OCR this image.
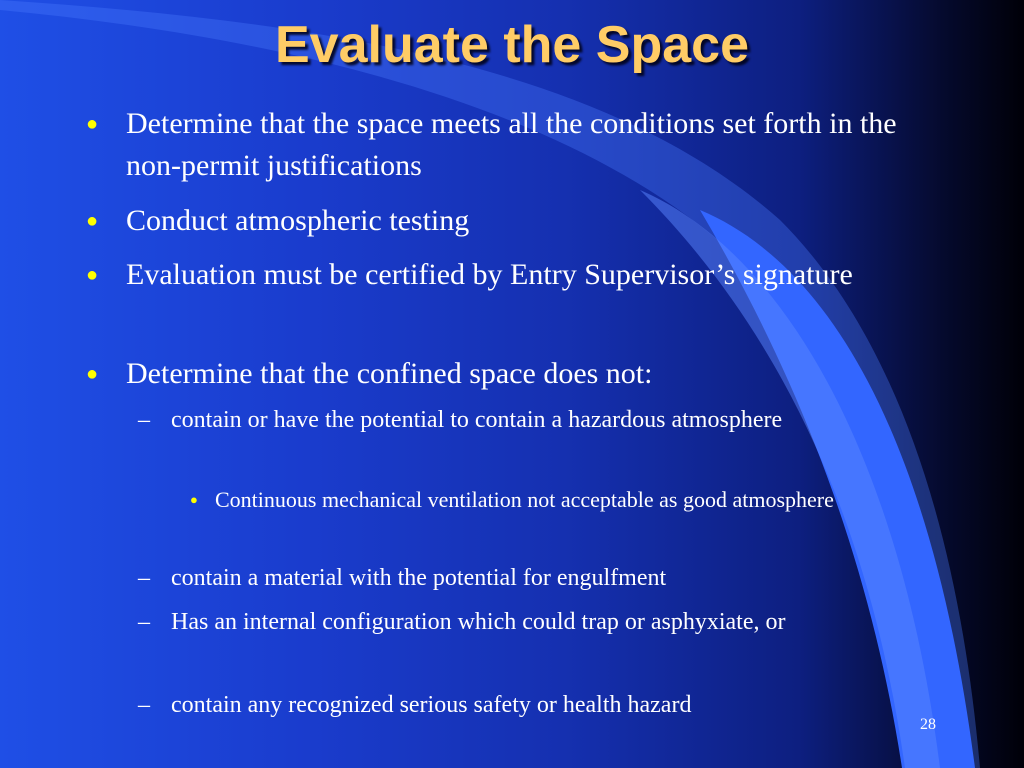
Evaluate the Space
● Determine that the space meets all the conditions set forth in the non-permit justifications
● Conduct atmospheric testing
● Evaluation must be certified by Entry Supervisor’s signature
● Determine that the confined space does not:
– contain or have the potential to contain a hazardous atmosphere
● Continuous mechanical ventilation not acceptable as good atmosphere
– contain a material with the potential for engulfment
– Has an internal configuration which could trap or asphyxiate, or
– contain any recognized serious safety or health hazard
28
